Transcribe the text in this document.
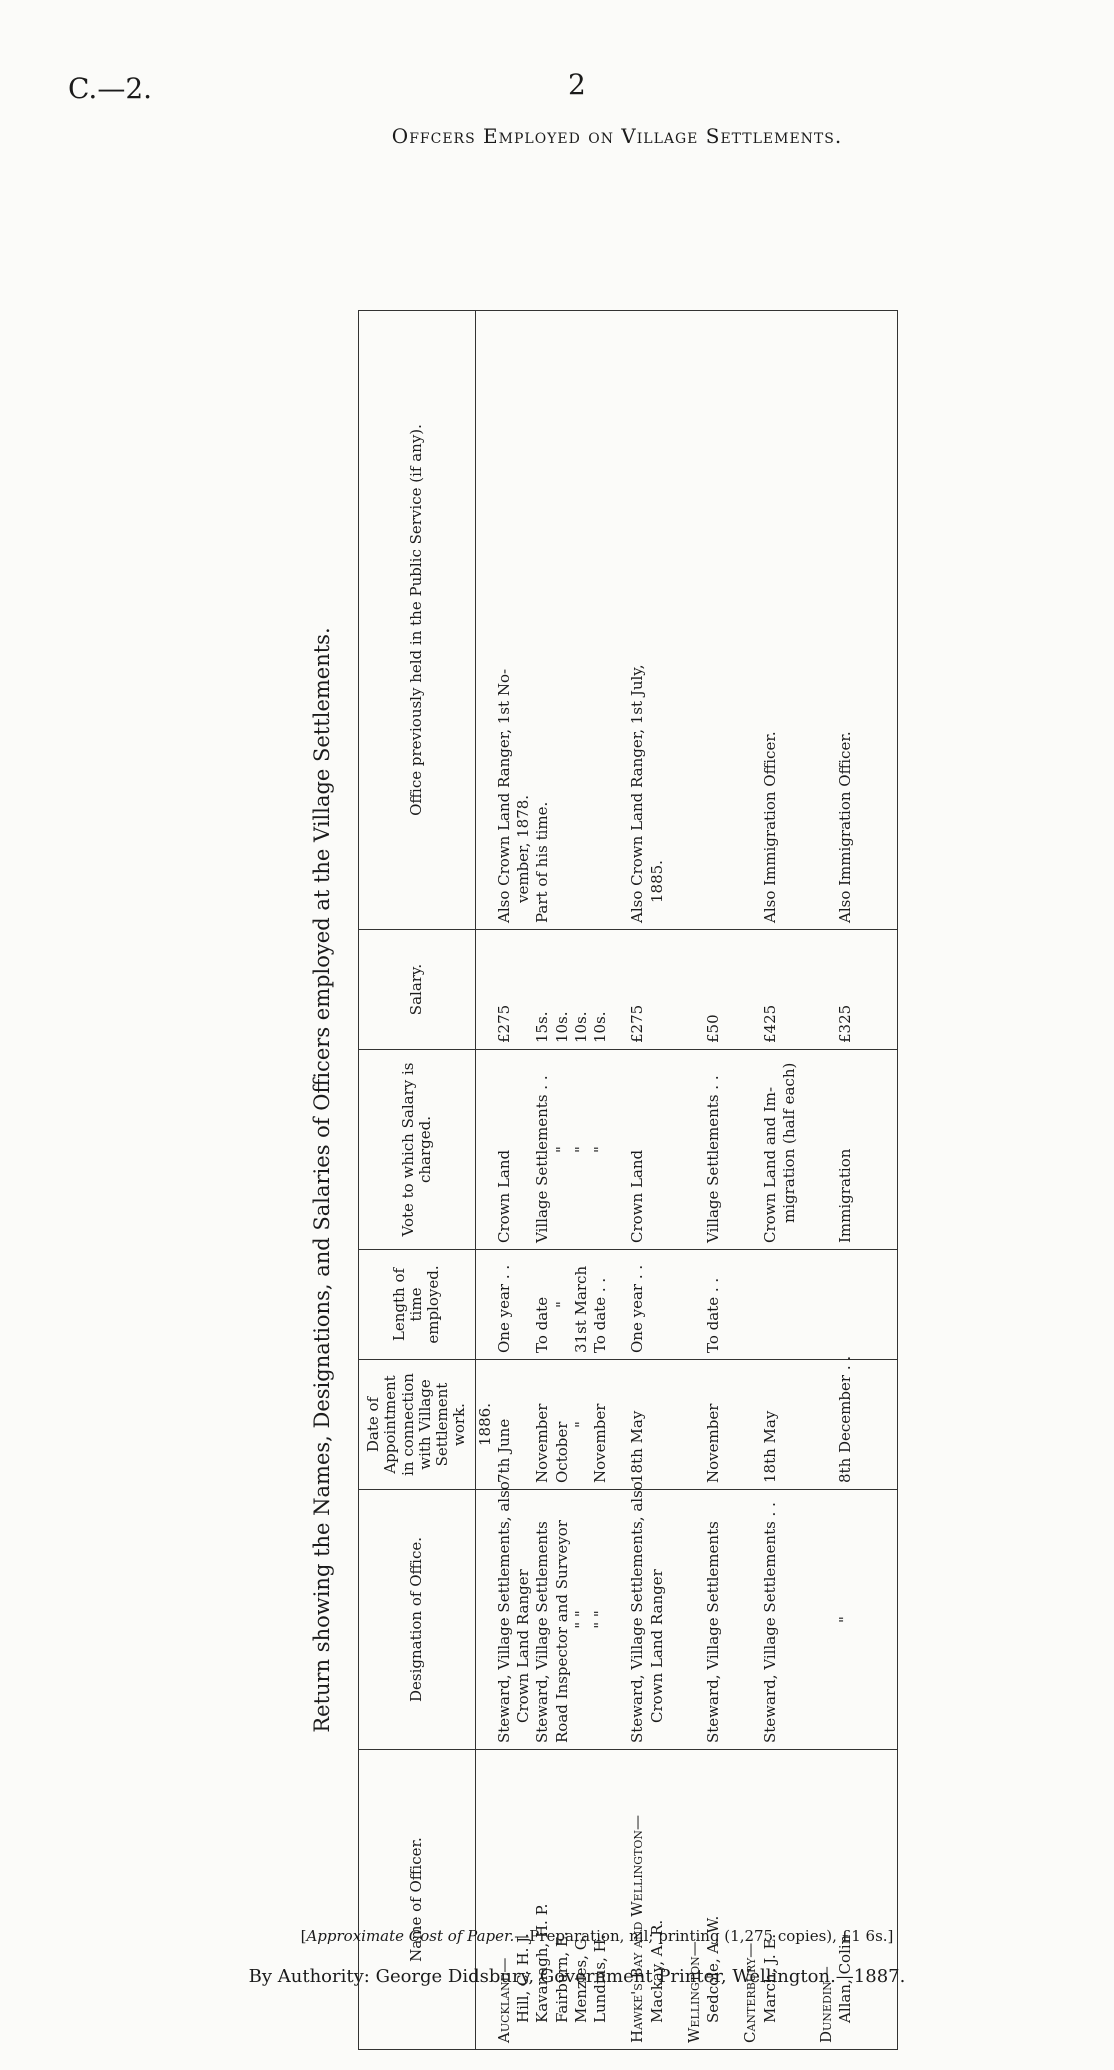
C.—2.	2
Offcers Employed on Village Settlements.
Return showing the Names, Designations, and Salaries of Officers employed at the Village Settlements.
Name of Officer.	Designation of Office.	Date of Appointment in connection with Village Settlement work.	Length of time employed.	Vote to which Salary is charged.	Salary.	Office previously held in the Public Service (if any).
		1886.				
Auckland—	Steward, Village Settlements, also	7th June	One year . .	Crown Land	£275	Also Crown Land Ranger, 1st No-
Hill, C. H. J.	Crown Land Ranger					vember, 1878.
Kavanagh, H. P.	Steward, Village Settlements	November	To date	Village Settlements . .	15s.	Part of his time.
Fairburn, E.	Road Inspector and Surveyor	October	"	"	10s.	
Menzies, G.	" "	"	31st March	"	10s.	
Lundius, H.	" "	November	To date . .	"	10s.	

Hawke's Bay and Wellington—	Steward, Village Settlements, also	18th May	One year . .	Crown Land	£275	Also Crown Land Ranger, 1st July,
Mackay, A. R.	Crown Land Ranger					1885.

Wellington—						
Sedcole, A. W.	Steward, Village Settlements	November	To date . .	Village Settlements . .	£50	

Canterbury—						
March, J. E.	Steward, Village Settlements . .	18th May		Crown Land and Im-	£425	Also Immigration Officer.
				migration (half each)		

Dunedin—						
Allan, Colin	"	8th December . .		Immigration	£325	Also Immigration Officer.

[Approximate Cost of Paper.—Preparation, nil; printing (1,275 copies), £1 6s.]
By Authority: George Didsbury, Government Printer, Wellington.—1887.
